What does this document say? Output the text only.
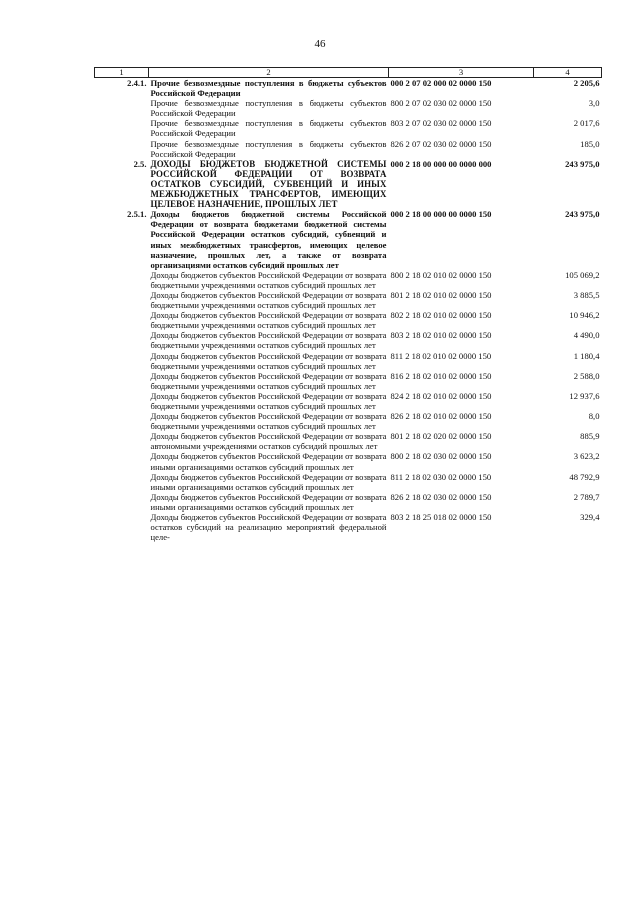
46
1	2	3	4
2.4.1.	Прочие безвозмездные поступления в бюджеты субъектов Российской Федерации	000 2 07 02 000 02 0000 150	2 205,6
	Прочие безвозмездные поступления в бюджеты субъектов Российской Федерации	800 2 07 02 030 02 0000 150	3,0
	Прочие безвозмездные поступления в бюджеты субъектов Российской Федерации	803 2 07 02 030 02 0000 150	2 017,6
	Прочие безвозмездные поступления в бюджеты субъектов Российской Федерации	826 2 07 02 030 02 0000 150	185,0
2.5.	ДОХОДЫ БЮДЖЕТОВ БЮДЖЕТНОЙ СИСТЕМЫ РОССИЙСКОЙ ФЕДЕРАЦИИ ОТ ВОЗВРАТА ОСТАТКОВ СУБСИДИЙ, СУБВЕНЦИЙ И ИНЫХ МЕЖБЮДЖЕТНЫХ ТРАНСФЕРТОВ, ИМЕЮЩИХ ЦЕЛЕВОЕ НАЗНАЧЕНИЕ, ПРОШЛЫХ ЛЕТ	000 2 18 00 000 00 0000 000	243 975,0
2.5.1.	Доходы бюджетов бюджетной системы Российской Федерации от возврата бюджетами бюджетной системы Российской Федерации остатков субсидий, субвенций и иных межбюджетных трансфертов, имеющих целевое назначение, прошлых лет, а также от возврата организациями остатков субсидий прошлых лет	000 2 18 00 000 00 0000 150	243 975,0
	Доходы бюджетов субъектов Российской Федерации от возврата бюджетными учреждениями остатков субсидий прошлых лет	800 2 18 02 010 02 0000 150	105 069,2
	Доходы бюджетов субъектов Российской Федерации от возврата бюджетными учреждениями остатков субсидий прошлых лет	801 2 18 02 010 02 0000 150	3 885,5
	Доходы бюджетов субъектов Российской Федерации от возврата бюджетными учреждениями остатков субсидий прошлых лет	802 2 18 02 010 02 0000 150	10 946,2
	Доходы бюджетов субъектов Российской Федерации от возврата бюджетными учреждениями остатков субсидий прошлых лет	803 2 18 02 010 02 0000 150	4 490,0
	Доходы бюджетов субъектов Российской Федерации от возврата бюджетными учреждениями остатков субсидий прошлых лет	811 2 18 02 010 02 0000 150	1 180,4
	Доходы бюджетов субъектов Российской Федерации от возврата бюджетными учреждениями остатков субсидий прошлых лет	816 2 18 02 010 02 0000 150	2 588,0
	Доходы бюджетов субъектов Российской Федерации от возврата бюджетными учреждениями остатков субсидий прошлых лет	824 2 18 02 010 02 0000 150	12 937,6
	Доходы бюджетов субъектов Российской Федерации от возврата бюджетными учреждениями остатков субсидий прошлых лет	826 2 18 02 010 02 0000 150	8,0
	Доходы бюджетов субъектов Российской Федерации от возврата автономными учреждениями остатков субсидий прошлых лет	801 2 18 02 020 02 0000 150	885,9
	Доходы бюджетов субъектов Российской Федерации от возврата иными организациями остатков субсидий прошлых лет	800 2 18 02 030 02 0000 150	3 623,2
	Доходы бюджетов субъектов Российской Федерации от возврата иными организациями остатков субсидий прошлых лет	811 2 18 02 030 02 0000 150	48 792,9
	Доходы бюджетов субъектов Российской Федерации от возврата иными организациями остатков субсидий прошлых лет	826 2 18 02 030 02 0000 150	2 789,7
	Доходы бюджетов субъектов Российской Федерации от возврата остатков субсидий на реализацию мероприятий федеральной целе-	803 2 18 25 018 02 0000 150	329,4
